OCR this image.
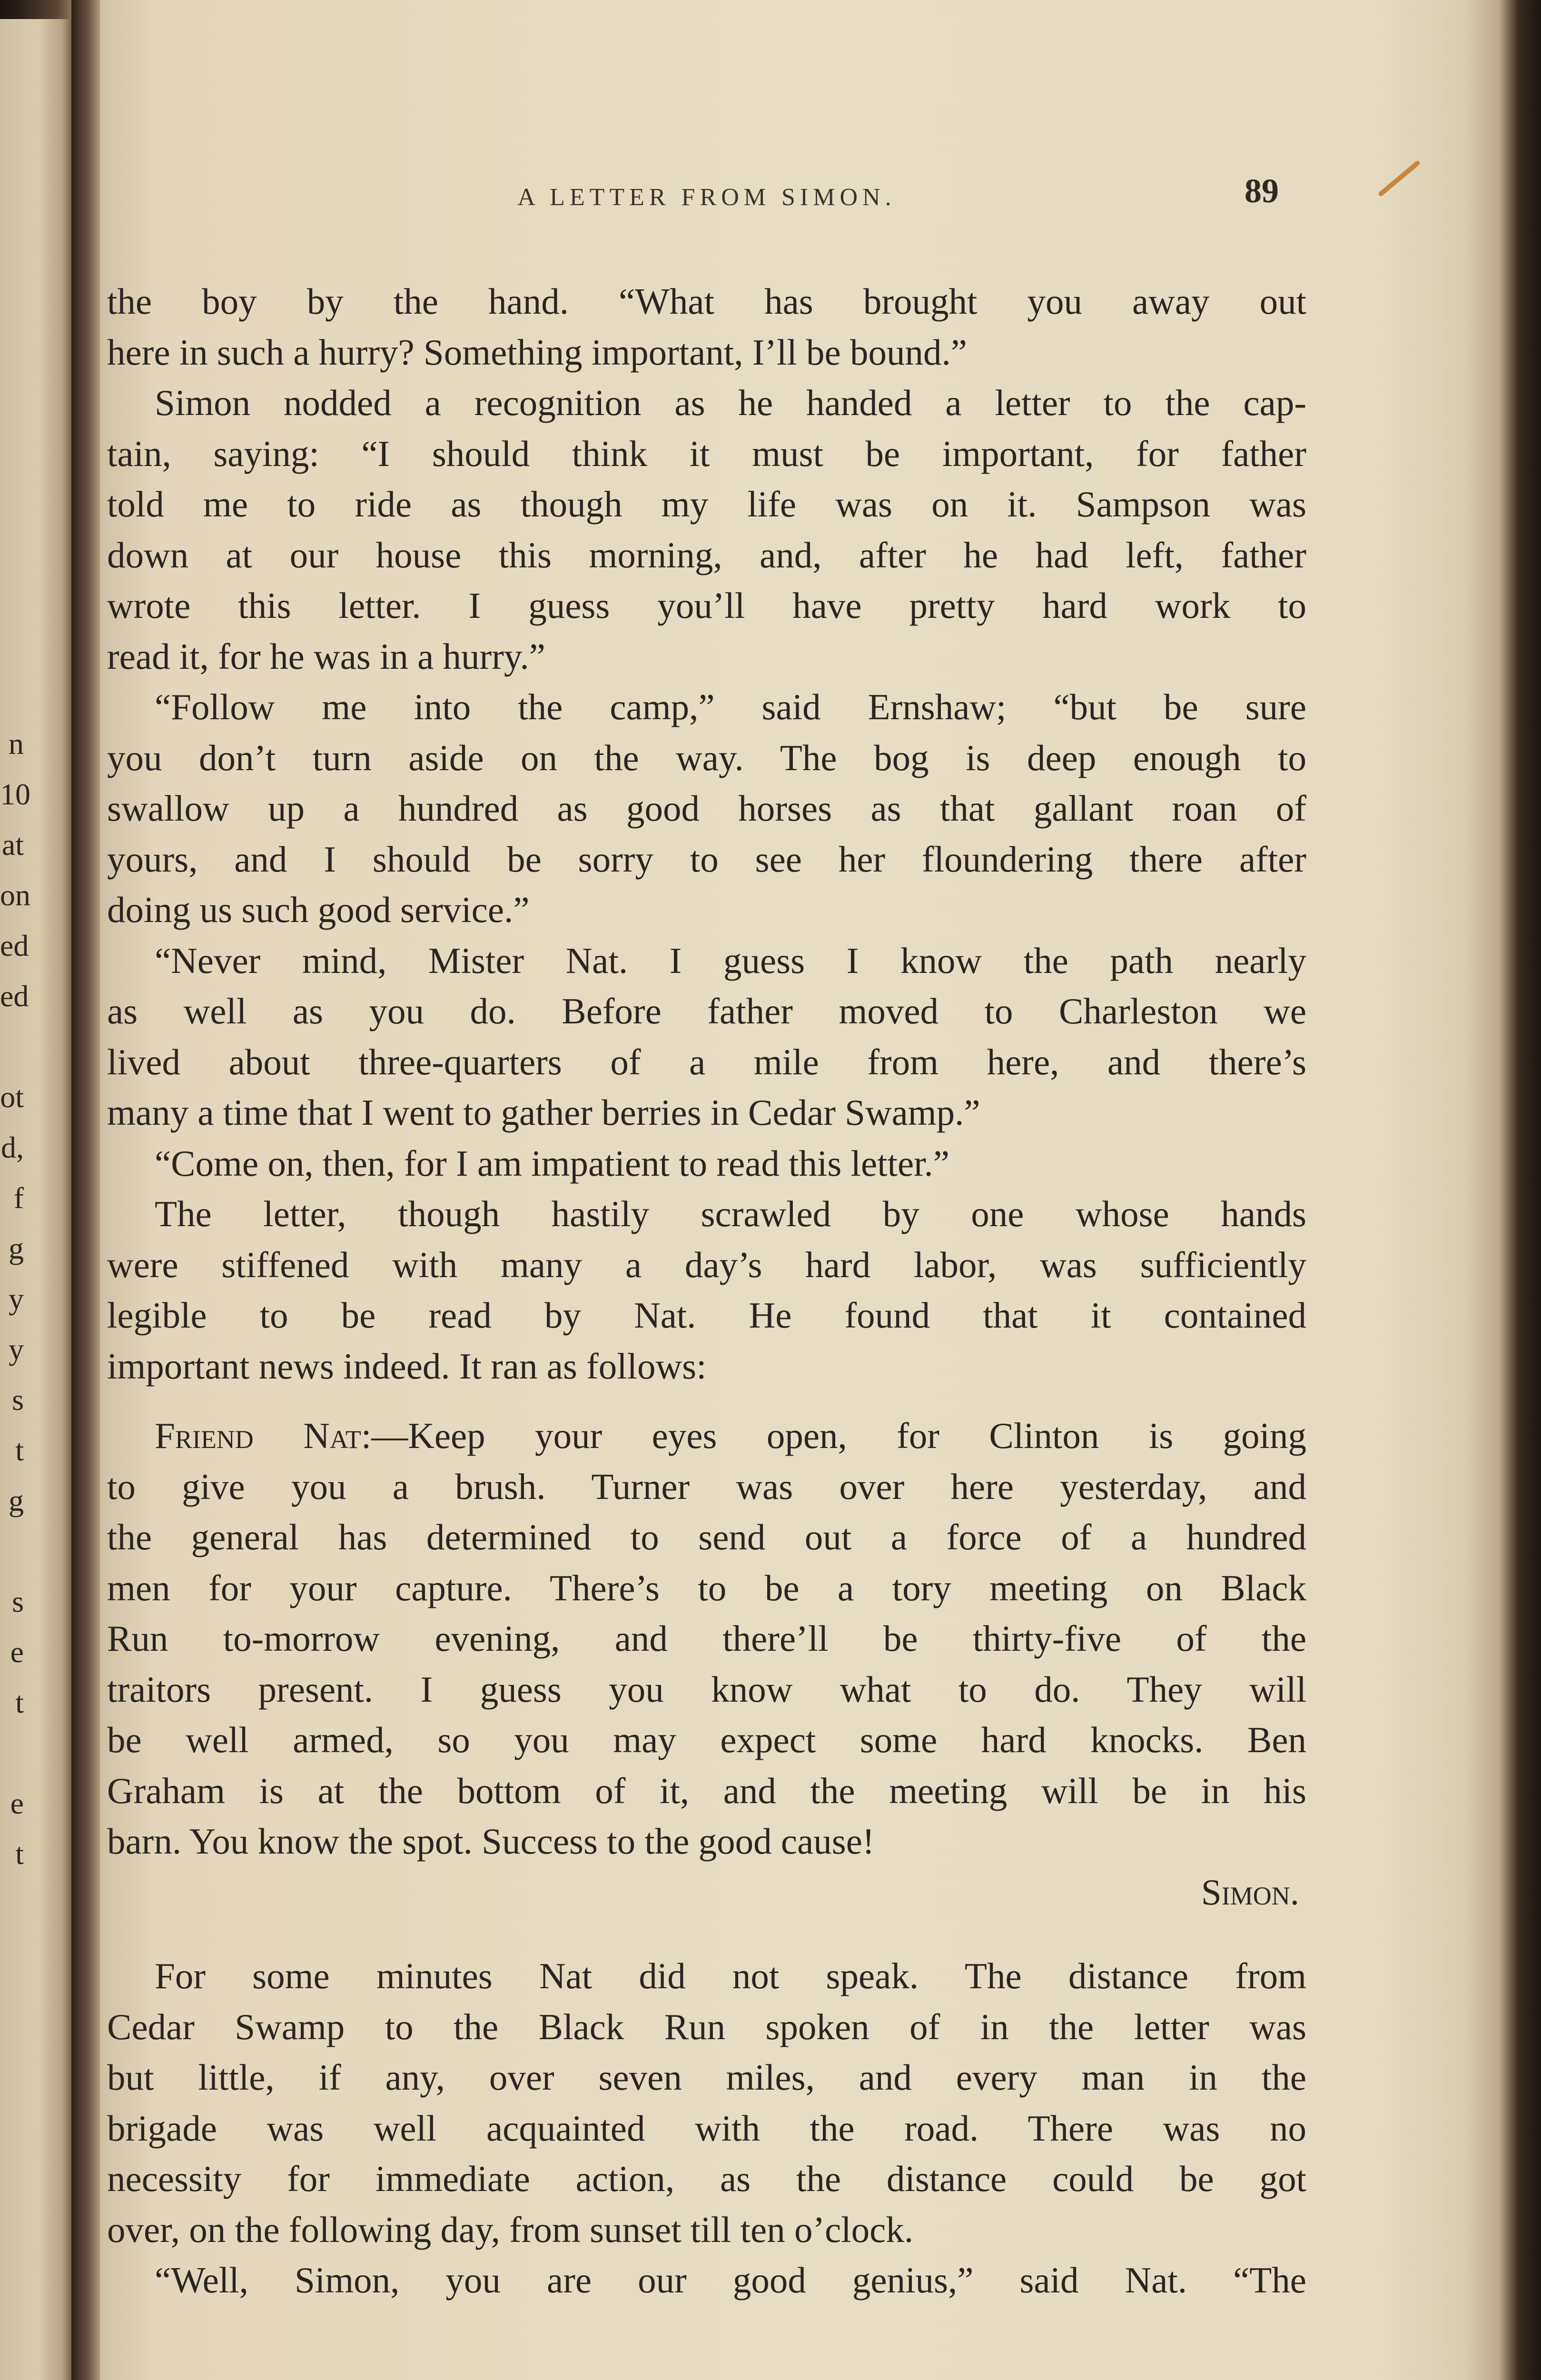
n
10
at
on
ed
ed
ot
d,
f
g
y
y
s
t
g
s
e
t
e
t
A LETTER FROM SIMON.	89
the boy by the hand. “What has brought you away out
here in such a hurry? Something important, I’ll be bound.”
Simon nodded a recognition as he handed a letter to the cap-
tain, saying: “I should think it must be important, for father
told me to ride as though my life was on it. Sampson was
down at our house this morning, and, after he had left, father
wrote this letter. I guess you’ll have pretty hard work to
read it, for he was in a hurry.”
“Follow me into the camp,” said Ernshaw; “but be sure
you don’t turn aside on the way. The bog is deep enough to
swallow up a hundred as good horses as that gallant roan of
yours, and I should be sorry to see her floundering there after
doing us such good service.”
“Never mind, Mister Nat. I guess I know the path nearly
as well as you do. Before father moved to Charleston we
lived about three-quarters of a mile from here, and there’s
many a time that I went to gather berries in Cedar Swamp.”
“Come on, then, for I am impatient to read this letter.”
The letter, though hastily scrawled by one whose hands
were stiffened with many a day’s hard labor, was sufficiently
legible to be read by Nat. He found that it contained
important news indeed. It ran as follows:
Friend Nat:—Keep your eyes open, for Clinton is going
to give you a brush. Turner was over here yesterday, and
the general has determined to send out a force of a hundred
men for your capture. There’s to be a tory meeting on Black
Run to-morrow evening, and there’ll be thirty-five of the
traitors present. I guess you know what to do. They will
be well armed, so you may expect some hard knocks. Ben
Graham is at the bottom of it, and the meeting will be in his
barn. You know the spot. Success to the good cause!
Simon.
For some minutes Nat did not speak. The distance from
Cedar Swamp to the Black Run spoken of in the letter was
but little, if any, over seven miles, and every man in the
brigade was well acquainted with the road. There was no
necessity for immediate action, as the distance could be got
over, on the following day, from sunset till ten o’clock.
“Well, Simon, you are our good genius,” said Nat. “The
